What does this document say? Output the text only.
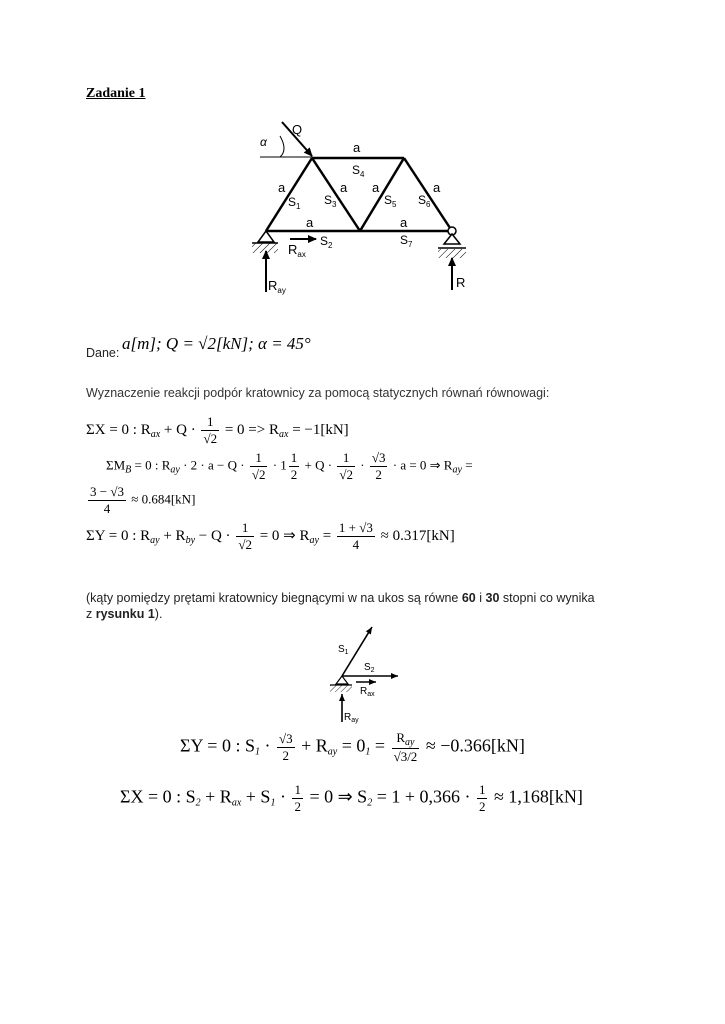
Zadanie 1
α
Q
a
$S_4$
a	a a	a
$S_1$ $S_3$	$S_5$ $S_6$
a	a
$S_7$
$R_{ax}$
$S_2$
$R_{ay}$
R
Dane: a[m]; Q = √2[kN]; α = 45°
Wyznaczenie reakcji podpór kratownicy za pomocą statycznych równań równowagi:
ΣX = 0 : $R_{ax} + Q \cdot \frac{1}{√2} = 0 => R_{ax} = -1[kN]$
$\Sigma M_B = 0$ : $R_{ay} \cdot 2 \cdot a - Q \cdot \frac{1}{√2} \cdot 1 \frac{1}{2} + Q \cdot \frac{1}{√2} \cdot \frac{√3}{2} \cdot a = 0$ ⇒ $R_{ay}$ =
$\frac{3 - √3}{4} \approx 0.684[kN]$
ΣY = 0 : $R_{ay} + R_{by} - Q \cdot \frac{1}{√2} = 0$ ⇒ $R_{ay} = \frac{1 + √3}{4} \approx 0.317[kN]$
(kąty pomiędzy prętami kratownicy biegnącymi w na ukos są równe 60 i 30 stopni co wynika
z rysunku 1).
$S_1$
$S_2$
$R_{ax}$
$R_{ay}$
ΣY = 0 : $S_1 \cdot \frac{√3}{2} + R_{ay} = 0_1 = \frac{R_{ay}}{√3/2} \approx -0.366[kN]$
ΣX = 0 : $S_2 + R_{ax} + S_1 \cdot \frac{1}{2} = 0$ ⇒ $S_2 = 1 + 0,366 \cdot \frac{1}{2} \approx 1,168[kN]$
